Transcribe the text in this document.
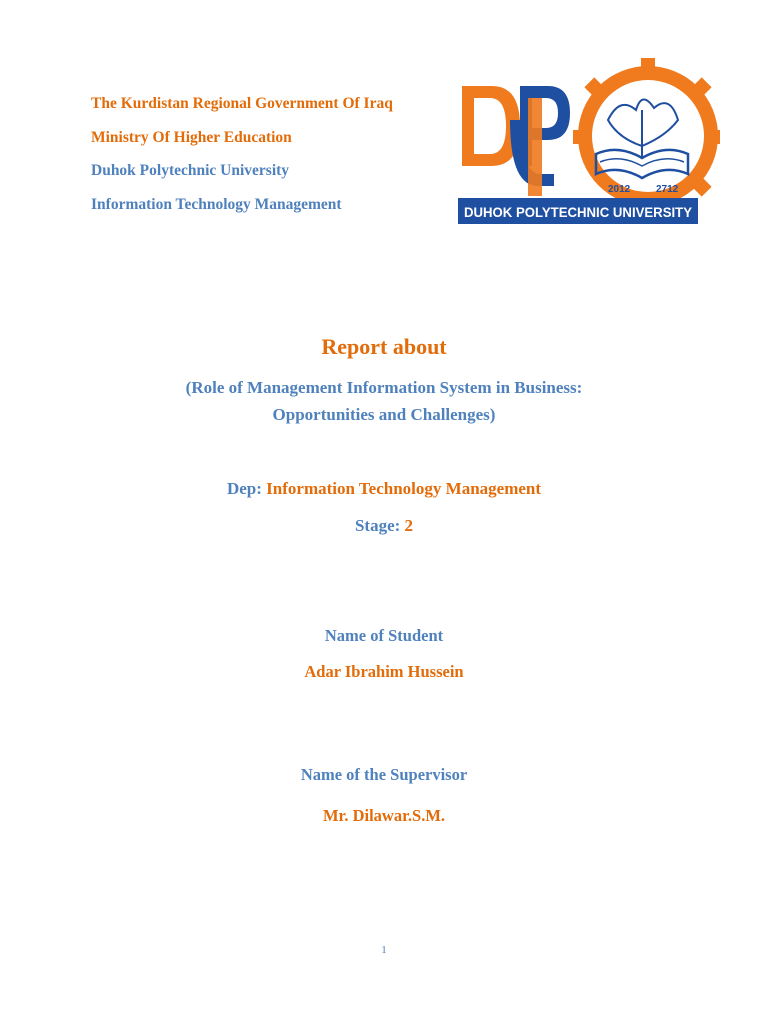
The Kurdistan Regional Government Of Iraq
Ministry Of Higher Education
Duhok Polytechnic University
Information Technology Management
2012	2712
DUHOK POLYTECHNIC UNIVERSITY
Report about
(Role of Management Information System in Business:
Opportunities and Challenges)
Dep: Information Technology Management
Stage: 2
Name of Student
Adar Ibrahim Hussein
Name of the Supervisor
Mr. Dilawar.S.M.
1
